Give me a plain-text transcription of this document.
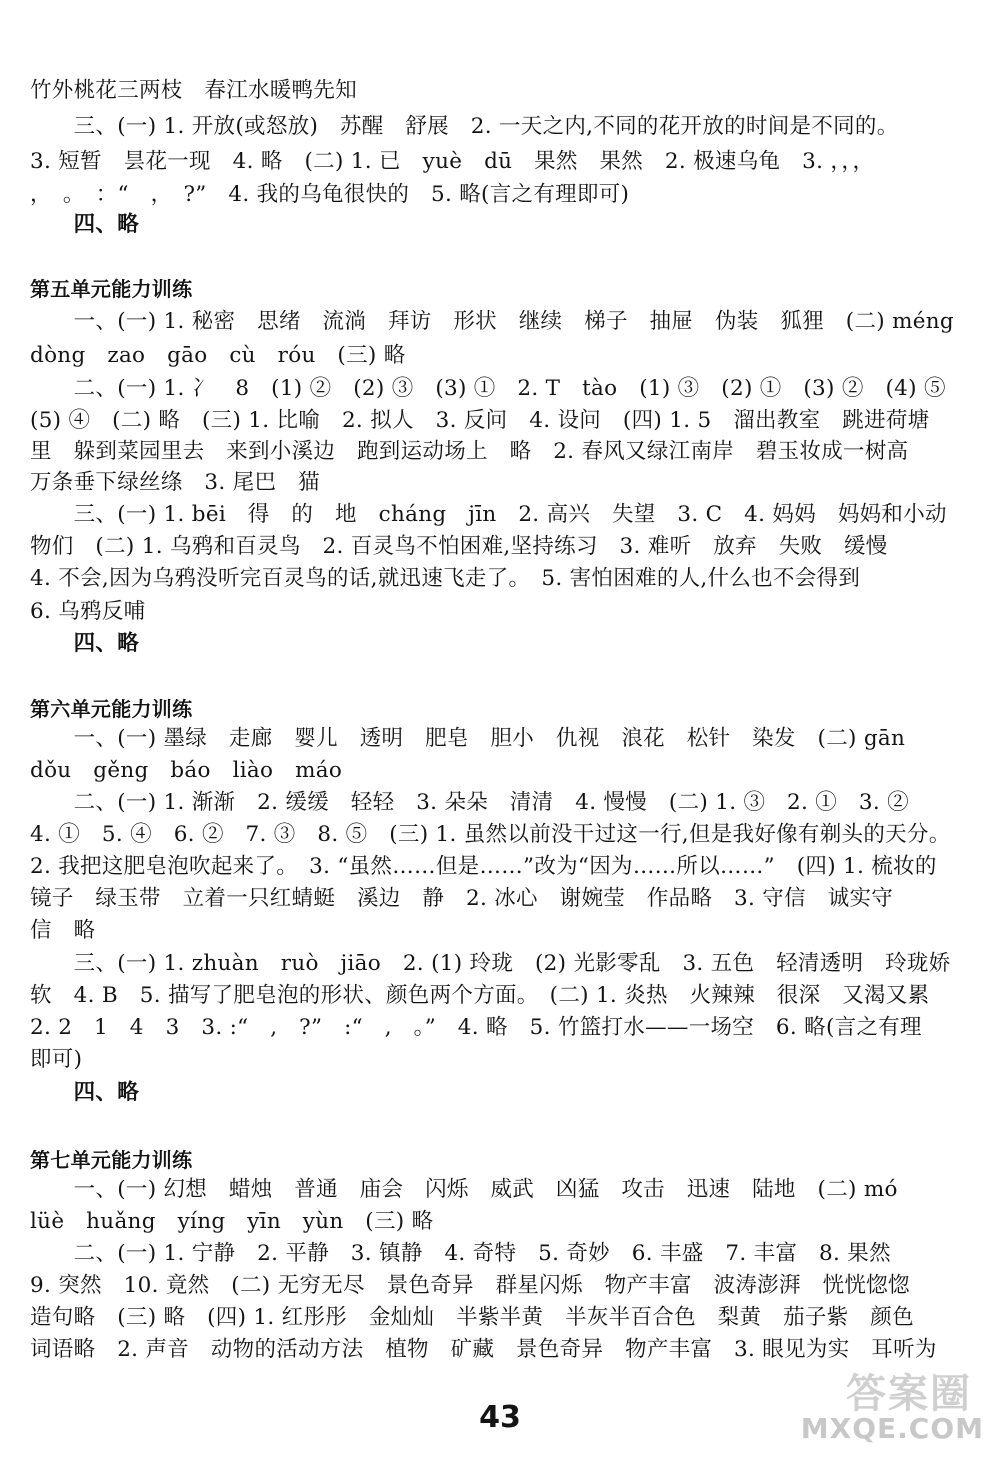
竹外桃花三两枝　春江水暖鸭先知
　　三、(一) 1. 开放(或怒放)　苏醒　舒展　2. 一天之内,不同的花开放的时间是不同的。
3. 短暂　昙花一现　4. 略　(二) 1. 已　yuè　dū　果然　果然　2. 极速乌龟　3. ，，，
，　。　：“　，　?”　4. 我的乌龟很快的　5. 略(言之有理即可)
　　四、略
第五单元能力训练
　　一、(一) 1. 秘密　思绪　流淌　拜访　形状　继续　梯子　抽屉　伪装　狐狸　(二) méng
dòng　zao　gāo　cù　róu　(三) 略
　　二、(一) 1. 冫　8　(1) ②　(2) ③　(3) ①　2. T　tào　(1) ③　(2) ①　(3) ②　(4) ⑤
(5) ④　(二) 略　(三) 1. 比喻　2. 拟人　3. 反问　4. 设问　(四) 1. 5　溜出教室　跳进荷塘
里　躲到菜园里去　来到小溪边　跑到运动场上　略　2. 春风又绿江南岸　碧玉妆成一树高
万条垂下绿丝绦　3. 尾巴　猫
　　三、(一) 1. bēi　得　的　地　cháng　jīn　2. 高兴　失望　3. C　4. 妈妈　妈妈和小动
物们　(二) 1. 乌鸦和百灵鸟　2. 百灵鸟不怕困难,坚持练习　3. 难听　放弃　失败　缓慢
4. 不会,因为乌鸦没听完百灵鸟的话,就迅速飞走了。　5. 害怕困难的人,什么也不会得到
6. 乌鸦反哺
　　四、略
第六单元能力训练
　　一、(一) 墨绿　走廊　婴儿　透明　肥皂　胆小　仇视　浪花　松针　染发　(二) gān
dǒu　gěng　báo　liào　máo
　　二、(一) 1. 渐渐　2. 缓缓　轻轻　3. 朵朵　清清　4. 慢慢　(二) 1. ③　2. ①　3. ②
4. ①　5. ④　6. ②　7. ③　8. ⑤　(三) 1. 虽然以前没干过这一行,但是我好像有剃头的天分。
2. 我把这肥皂泡吹起来了。　3. “虽然……但是……”改为“因为……所以……”　(四) 1. 梳妆的
镜子　绿玉带　立着一只红蜻蜓　溪边　静　2. 冰心　谢婉莹　作品略　3. 守信　诚实守
信　略
　　三、(一) 1. zhuàn　ruò　jiāo　2. (1) 玲珑　(2) 光影零乱　3. 五色　轻清透明　玲珑娇
软　4. B　5. 描写了肥皂泡的形状、颜色两个方面。　(二) 1. 炎热　火辣辣　很深　又渴又累
2. 2　1　4　3　3. :“　,　?”　:“　,　。”　4. 略　5. 竹篮打水——一场空　6. 略(言之有理
即可)
　　四、略
第七单元能力训练
　　一、(一) 幻想　蜡烛　普通　庙会　闪烁　威武　凶猛　攻击　迅速　陆地　(二) mó
lüè　huǎng　yíng　yīn　yùn　(三) 略
　　二、(一) 1. 宁静　2. 平静　3. 镇静　4. 奇特　5. 奇妙　6. 丰盛　7. 丰富　8. 果然
9. 突然　10. 竟然　(二) 无穷无尽　景色奇异　群星闪烁　物产丰富　波涛澎湃　恍恍惚惚
造句略　(三) 略　(四) 1. 红彤彤　金灿灿　半紫半黄　半灰半百合色　梨黄　茄子紫　颜色
词语略　2. 声音　动物的活动方法　植物　矿藏　景色奇异　物产丰富　3. 眼见为实　耳听为
43
答案圈
MXQE.COM
